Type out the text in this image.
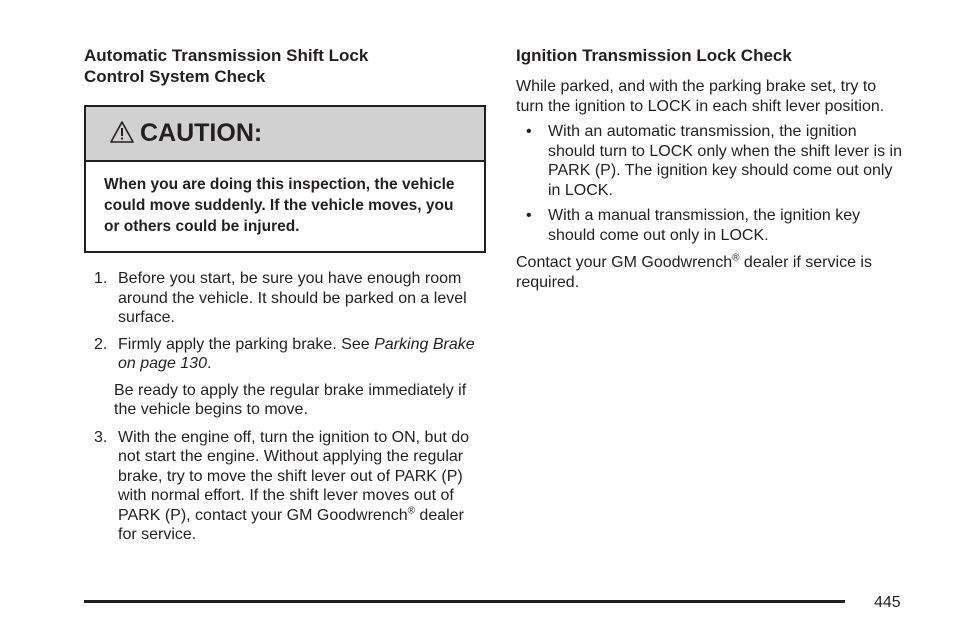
Automatic Transmission Shift Lock
Control System Check
CAUTION:
When you are doing this inspection, the vehicle could move suddenly. If the vehicle moves, you or others could be injured.
1. Before you start, be sure you have enough room around the vehicle. It should be parked on a level surface.
2. Firmly apply the parking brake. See Parking Brake on page 130.
Be ready to apply the regular brake immediately if the vehicle begins to move.
3. With the engine off, turn the ignition to ON, but do not start the engine. Without applying the regular brake, try to move the shift lever out of PARK (P) with normal effort. If the shift lever moves out of PARK (P), contact your GM Goodwrench® dealer for service.
Ignition Transmission Lock Check

While parked, and with the parking brake set, try to turn the ignition to LOCK in each shift lever position.

•	With an automatic transmission, the ignition should turn to LOCK only when the shift lever is in PARK (P). The ignition key should come out only in LOCK.
•	With a manual transmission, the ignition key should come out only in LOCK.

Contact your GM Goodwrench® dealer if service is required.

445
